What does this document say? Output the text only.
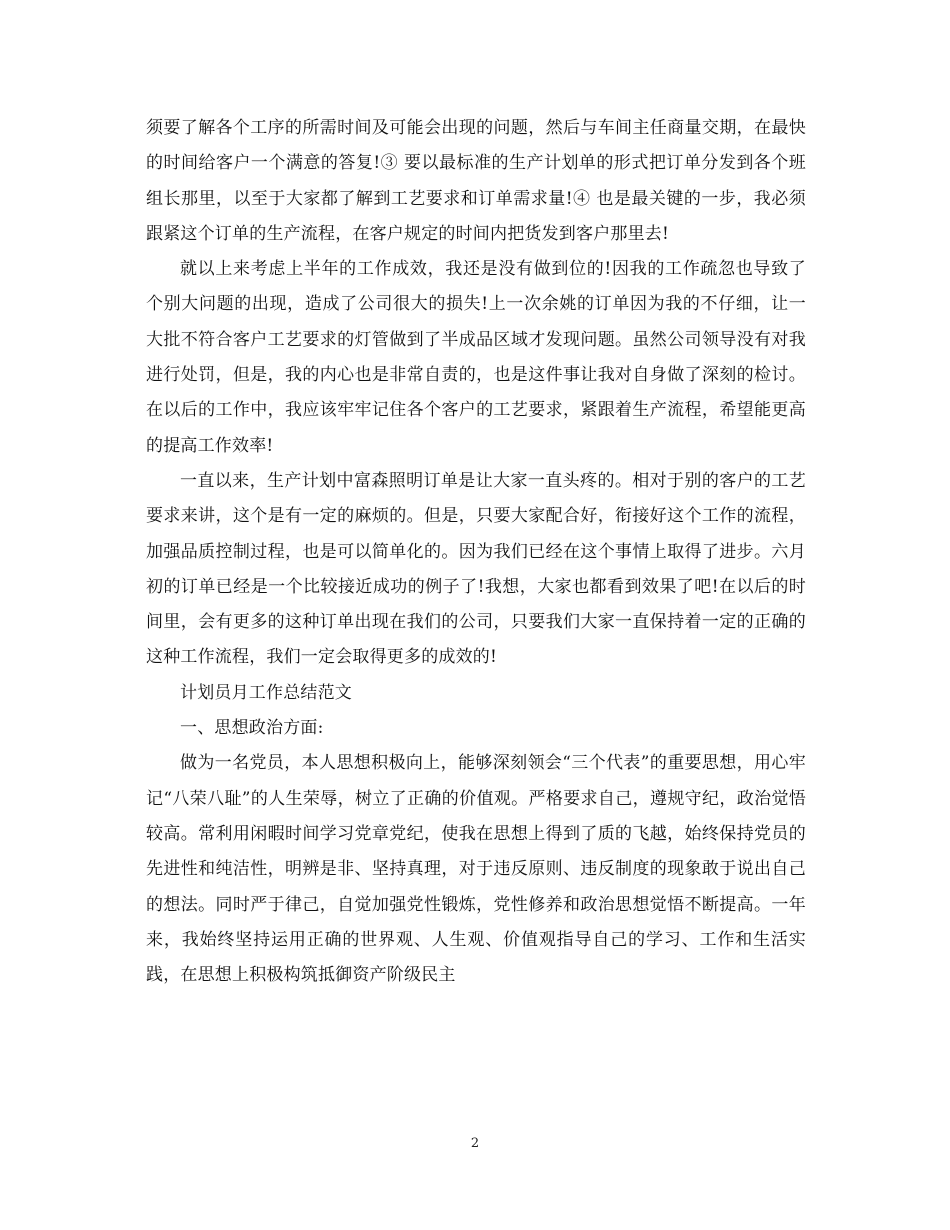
须要了解各个工序的所需时间及可能会出现的问题，然后与车间主任商量交期，在最快的时间给客户一个满意的答复!③ 要以最标准的生产计划单的形式把订单分发到各个班组长那里，以至于大家都了解到工艺要求和订单需求量!④ 也是最关键的一步，我必须跟紧这个订单的生产流程，在客户规定的时间内把货发到客户那里去!

就以上来考虑上半年的工作成效，我还是没有做到位的!因我的工作疏忽也导致了个别大问题的出现，造成了公司很大的损失!上一次余姚的订单因为我的不仔细，让一大批不符合客户工艺要求的灯管做到了半成品区域才发现问题。虽然公司领导没有对我进行处罚，但是，我的内心也是非常自责的，也是这件事让我对自身做了深刻的检讨。在以后的工作中，我应该牢牢记住各个客户的工艺要求，紧跟着生产流程，希望能更高的提高工作效率!

一直以来，生产计划中富森照明订单是让大家一直头疼的。相对于别的客户的工艺要求来讲，这个是有一定的麻烦的。但是，只要大家配合好，衔接好这个工作的流程，加强品质控制过程，也是可以简单化的。因为我们已经在这个事情上取得了进步。六月初的订单已经是一个比较接近成功的例子了!我想，大家也都看到效果了吧!在以后的时间里，会有更多的这种订单出现在我们的公司，只要我们大家一直保持着一定的正确的这种工作流程，我们一定会取得更多的成效的!

计划员月工作总结范文

一、思想政治方面:

做为一名党员，本人思想积极向上，能够深刻领会“三个代表”的重要思想，用心牢记“八荣八耻”的人生荣辱，树立了正确的价值观。严格要求自己，遵规守纪，政治觉悟较高。常利用闲暇时间学习党章党纪，使我在思想上得到了质的飞越，始终保持党员的先进性和纯洁性，明辨是非、坚持真理，对于违反原则、违反制度的现象敢于说出自己的想法。同时严于律己，自觉加强党性锻炼，党性修养和政治思想觉悟不断提高。一年来，我始终坚持运用正确的世界观、人生观、价值观指导自己的学习、工作和生活实践，在思想上积极构筑抵御资产阶级民主

2
